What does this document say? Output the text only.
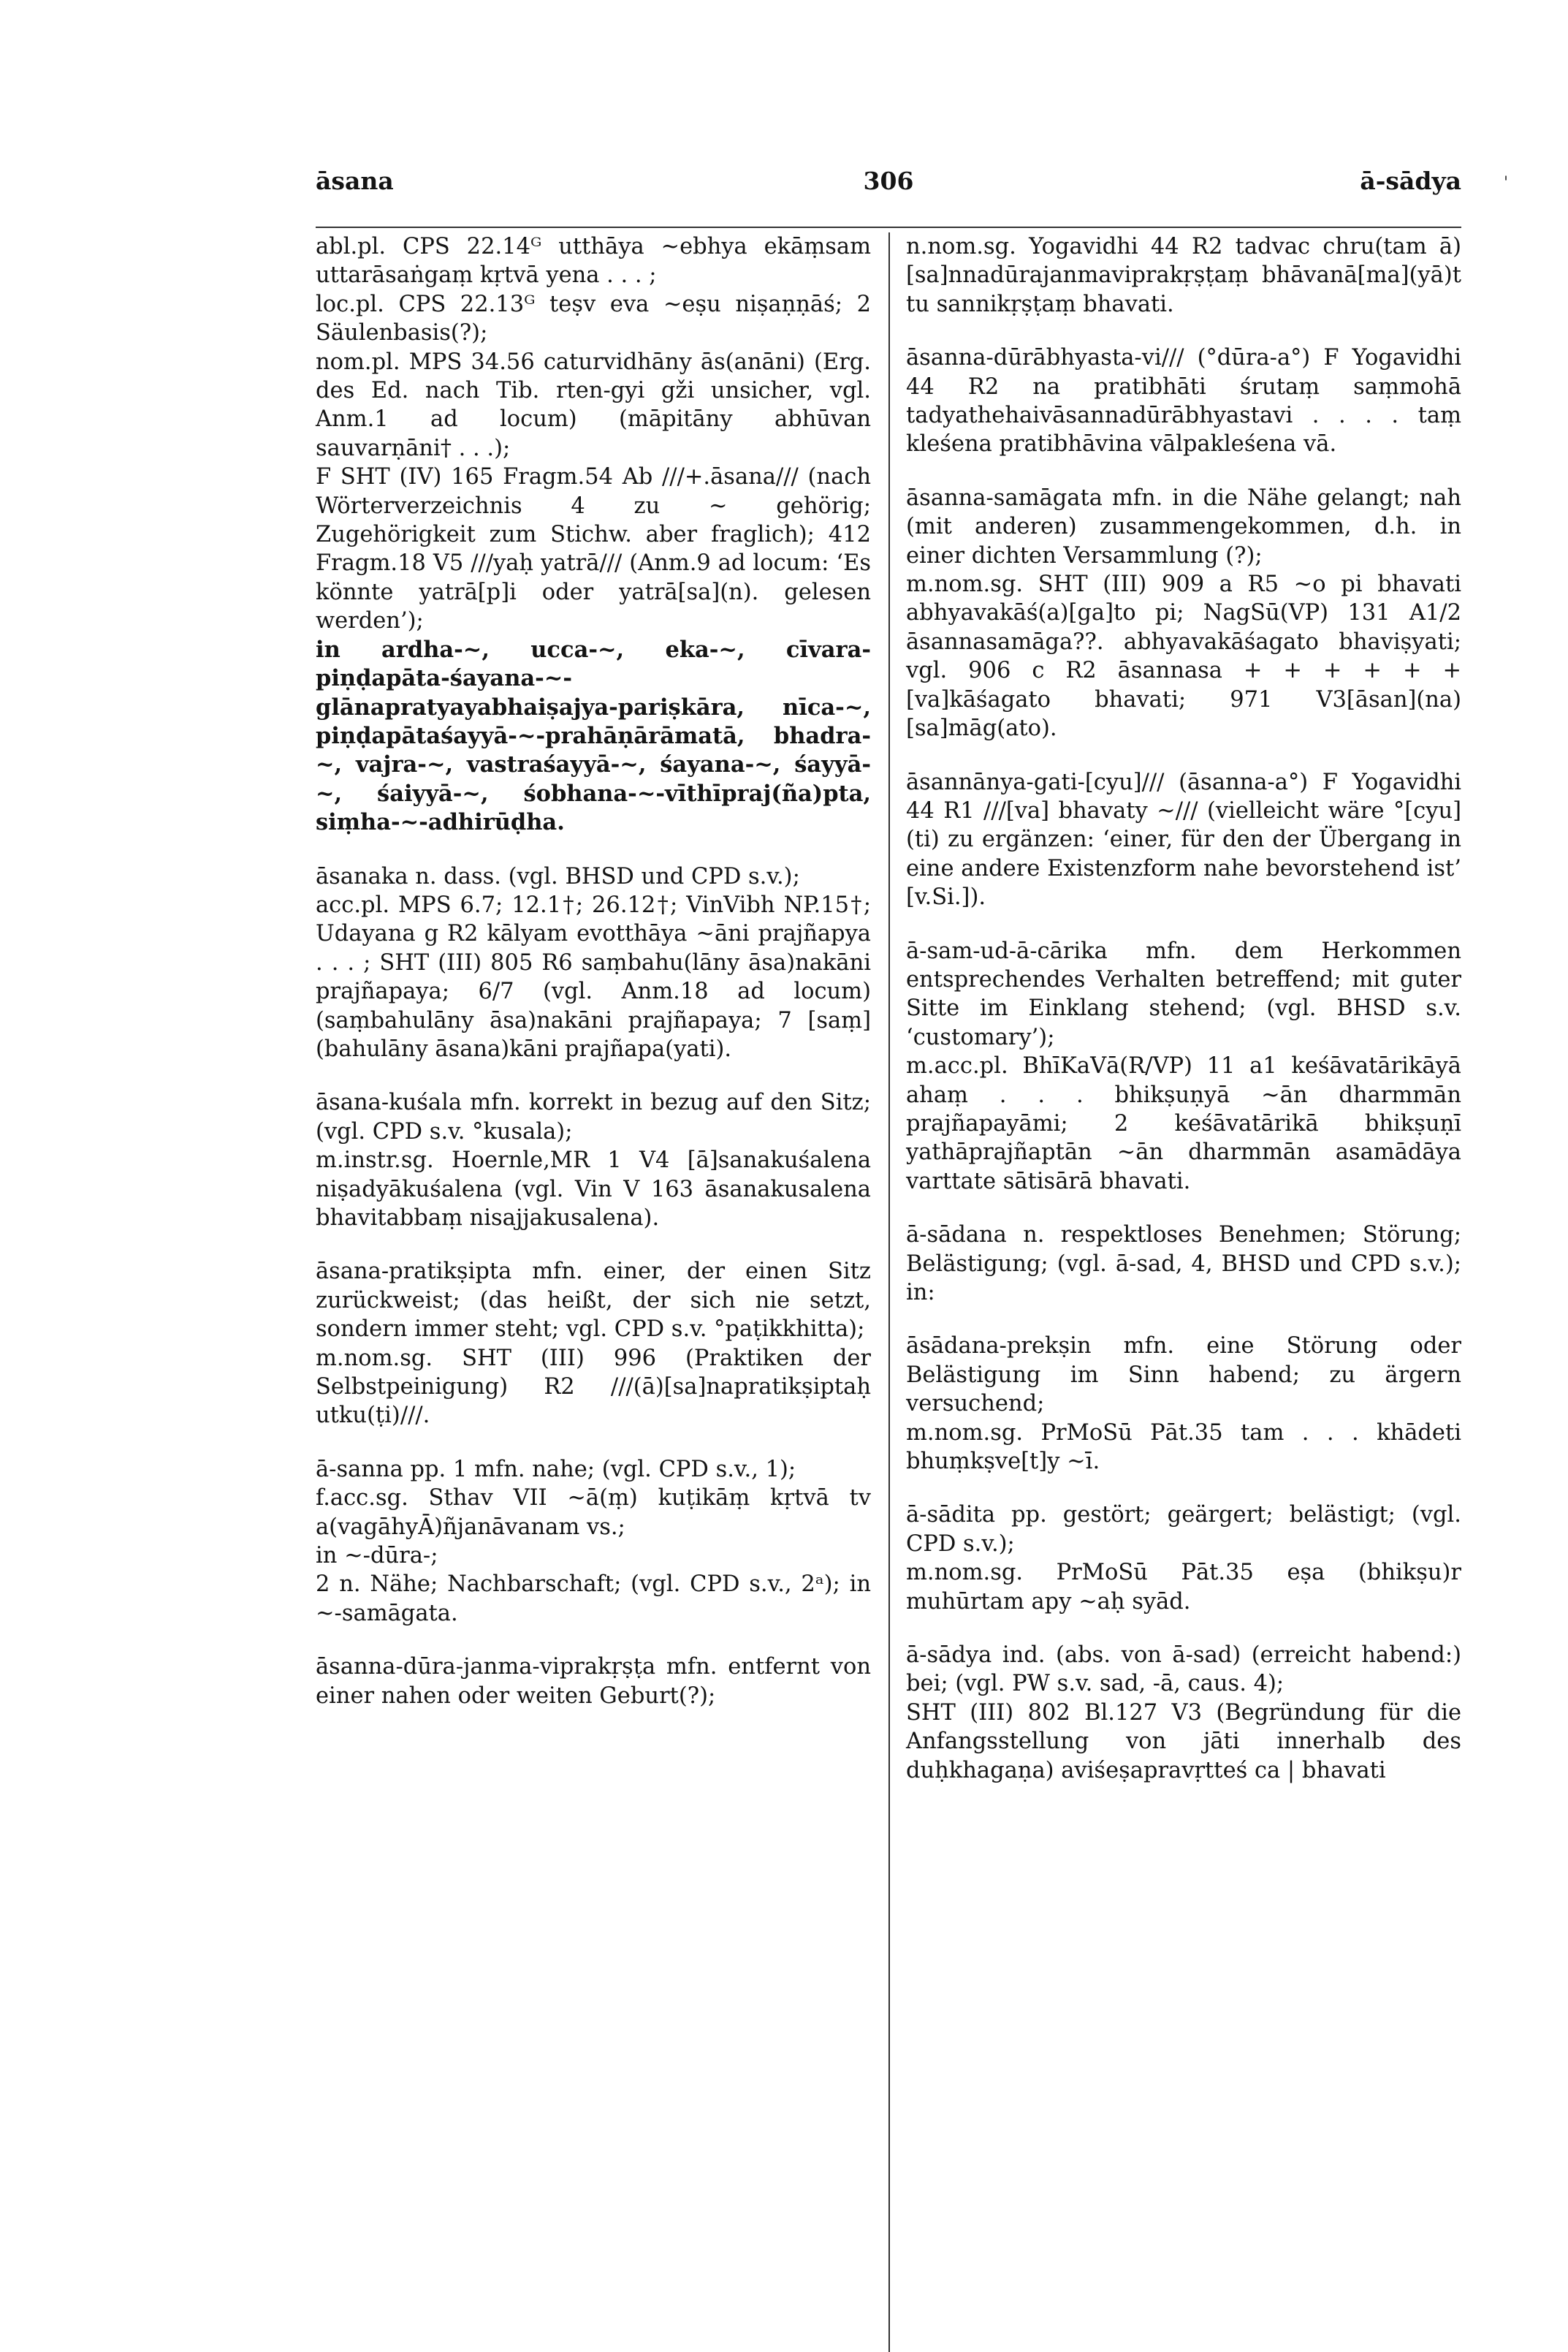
āsana	306	ā-sādya	'

abl.pl. CPS 22.14ᴳ utthāya ~ebhya ekāṃsam uttarāsaṅgaṃ kṛtvā yena . . . ;

loc.pl. CPS 22.13ᴳ teṣv eva ~eṣu niṣaṇṇāś; 2 Säulenbasis(?);

nom.pl. MPS 34.56 caturvidhāny ās(anāni) (Erg. des Ed. nach Tib. rten-gyi gži unsicher, vgl. Anm.1 ad locum) (māpitāny abhūvan sauvarṇāni† . . .);

F SHT (IV) 165 Fragm.54 Ab ///+.āsana/// (nach Wörterverzeichnis 4 zu ~ gehörig; Zugehörigkeit zum Stichw. aber fraglich); 412 Fragm.18 V5 ///yaḥ yatrā/// (Anm.9 ad locum: ‘Es könnte yatrā[p]i oder yatrā[sa](n). gelesen werden’);

in ardha-~, ucca-~, eka-~, cīvara-piṇḍapāta-śayana-~-glānapratyayabhaiṣajya-pariṣkāra, nīca-~, piṇḍapātaśayyā-~-prahāṇārāmatā, bhadra-~, vajra-~, vastraśayyā-~, śayana-~, śayyā-~, śaiyyā-~, śobhana-~-vīthīpraj(ña)pta, siṃha-~-adhirūḍha.

āsanaka n. dass. (vgl. BHSD und CPD s.v.);

acc.pl. MPS 6.7; 12.1†; 26.12†; VinVibh NP.15†; Udayana g R2 kālyam evotthāya ~āni prajñapya . . . ; SHT (III) 805 R6 saṃbahu(lāny āsa)nakāni prajñapaya; 6/7 (vgl. Anm.18 ad locum) (saṃbahulāny āsa)nakāni prajñapaya; 7 [saṃ](bahulāny āsana)kāni prajñapa(yati).

āsana-kuśala mfn. korrekt in bezug auf den Sitz; (vgl. CPD s.v. °kusala);

m.instr.sg. Hoernle,MR 1 V4 [ā]sanakuśalena niṣadyākuśalena (vgl. Vin V 163 āsanakusalena bhavitabbaṃ nisajjakusalena).

āsana-pratikṣipta mfn. einer, der einen Sitz zurückweist; (das heißt, der sich nie setzt, sondern immer steht; vgl. CPD s.v. °paṭikkhitta);

m.nom.sg. SHT (III) 996 (Praktiken der Selbstpeinigung) R2 ///(ā)[sa]napratikṣiptaḥ utku(ṭi)///.

ā-sanna pp. 1 mfn. nahe; (vgl. CPD s.v., 1);

f.acc.sg. Sthav VII ~ā(ṃ) kuṭikāṃ kṛtvā tv a(vagāhyĀ)ñjanāvanam vs.;

in ~-dūra-;

2 n. Nähe; Nachbarschaft; (vgl. CPD s.v., 2ᵃ); in ~-samāgata.

āsanna-dūra-janma-viprakṛṣṭa mfn. entfernt von einer nahen oder weiten Geburt(?);

n.nom.sg. Yogavidhi 44 R2 tadvac chru(tam ā)[sa]nnadūrajanmaviprakṛṣṭaṃ bhāvanā[ma](yā)t tu sannikṛṣṭaṃ bhavati.

āsanna-dūrābhyasta-vi/// (°dūra-a°) F Yogavidhi 44 R2 na pratibhāti śrutaṃ saṃmohā tadyathehaivāsannadūrābhyastavi . . . . taṃ kleśena pratibhāvina vālpakleśena vā.

āsanna-samāgata mfn. in die Nähe gelangt; nah (mit anderen) zusammengekommen, d.h. in einer dichten Versammlung (?);

m.nom.sg. SHT (III) 909 a R5 ~o pi bhavati abhyavakāś(a)[ga]to pi; NagSū(VP) 131 A1/2 āsannasamāga??. abhyavakāśagato bhaviṣyati; vgl. 906 c R2 āsannasa + + + + + + [va]kāśagato bhavati; 971 V3[āsan](na)[sa]māg(ato).

āsannānya-gati-[cyu]/// (āsanna-a°) F Yogavidhi 44 R1 ///[va] bhavaty ~/// (vielleicht wäre °[cyu](ti) zu ergänzen: ‘einer, für den der Übergang in eine andere Existenzform nahe bevorstehend ist’ [v.Si.]).

ā-sam-ud-ā-cārika mfn. dem Herkommen entsprechendes Verhalten betreffend; mit guter Sitte im Einklang stehend; (vgl. BHSD s.v. ‘customary’);

m.acc.pl. BhīKaVā(R/VP) 11 a1 keśāvatārikāyā ahaṃ . . . bhikṣuṇyā ~ān dharmmān prajñapayāmi; 2 keśāvatārikā bhikṣuṇī yathāprajñaptān ~ān dharmmān asamādāya varttate sātisārā bhavati.

ā-sādana n. respektloses Benehmen; Störung; Belästigung; (vgl. ā-sad, 4, BHSD und CPD s.v.); in:

āsādana-prekṣin mfn. eine Störung oder Belästigung im Sinn habend; zu ärgern versuchend;

m.nom.sg. PrMoSū Pāt.35 tam . . . khādeti bhuṃkṣve[t]y ~ī.

ā-sādita pp. gestört; geärgert; belästigt; (vgl. CPD s.v.);

m.nom.sg. PrMoSū Pāt.35 eṣa (bhikṣu)r muhūrtam apy ~aḥ syād.

ā-sādya ind. (abs. von ā-sad) (erreicht habend:) bei; (vgl. PW s.v. sad, -ā, caus. 4);

SHT (III) 802 Bl.127 V3 (Begründung für die Anfangsstellung von jāti innerhalb des duḥkhagaṇa) aviśeṣapravṛtteś ca | bhavati
